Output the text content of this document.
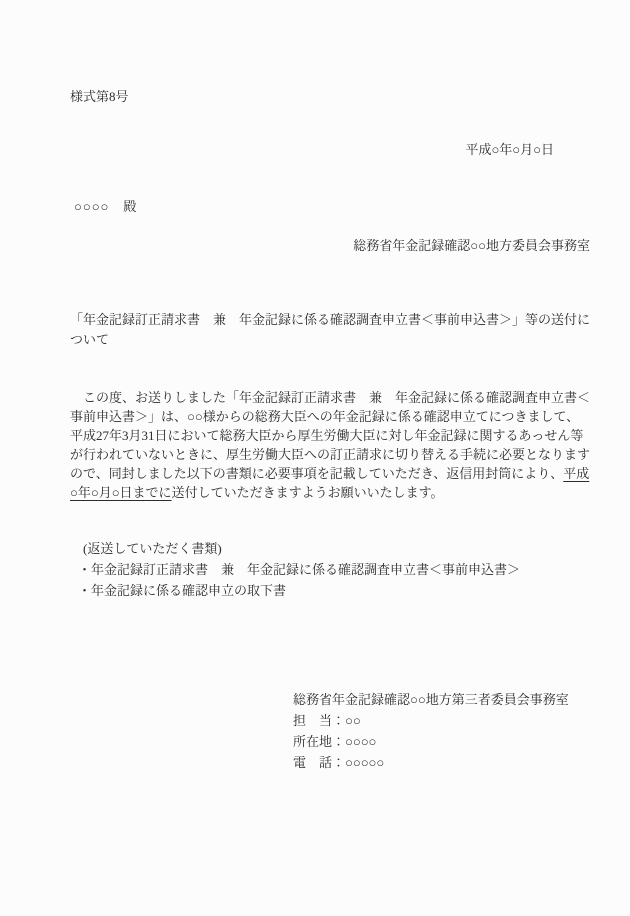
様式第8号
平成○年○月○日
○○○○　殿
総務省年金記録確認○○地方委員会事務室
「年金記録訂正請求書　兼　年金記録に係る確認調査申立書＜事前申込書＞」等の送付に
ついて
　この度、お送りしました「年金記録訂正請求書　兼　年金記録に係る確認調査申立書＜
事前申込書＞」は、○○様からの総務大臣への年金記録に係る確認申立てにつきまして、
平成27年3月31日において総務大臣から厚生労働大臣に対し年金記録に関するあっせん等
が行われていないときに、厚生労働大臣への訂正請求に切り替える手続に必要となります
ので、同封しました以下の書類に必要事項を記載していただき、返信用封筒により、平成
○年○月○日までに送付していただきますようお願いいたします。
(返送していただく書類)
・年金記録訂正請求書　兼　年金記録に係る確認調査申立書＜事前申込書＞
・年金記録に係る確認申立の取下書
総務省年金記録確認○○地方第三者委員会事務室
担　当：○○
所在地：○○○○
電　話：○○○○○
